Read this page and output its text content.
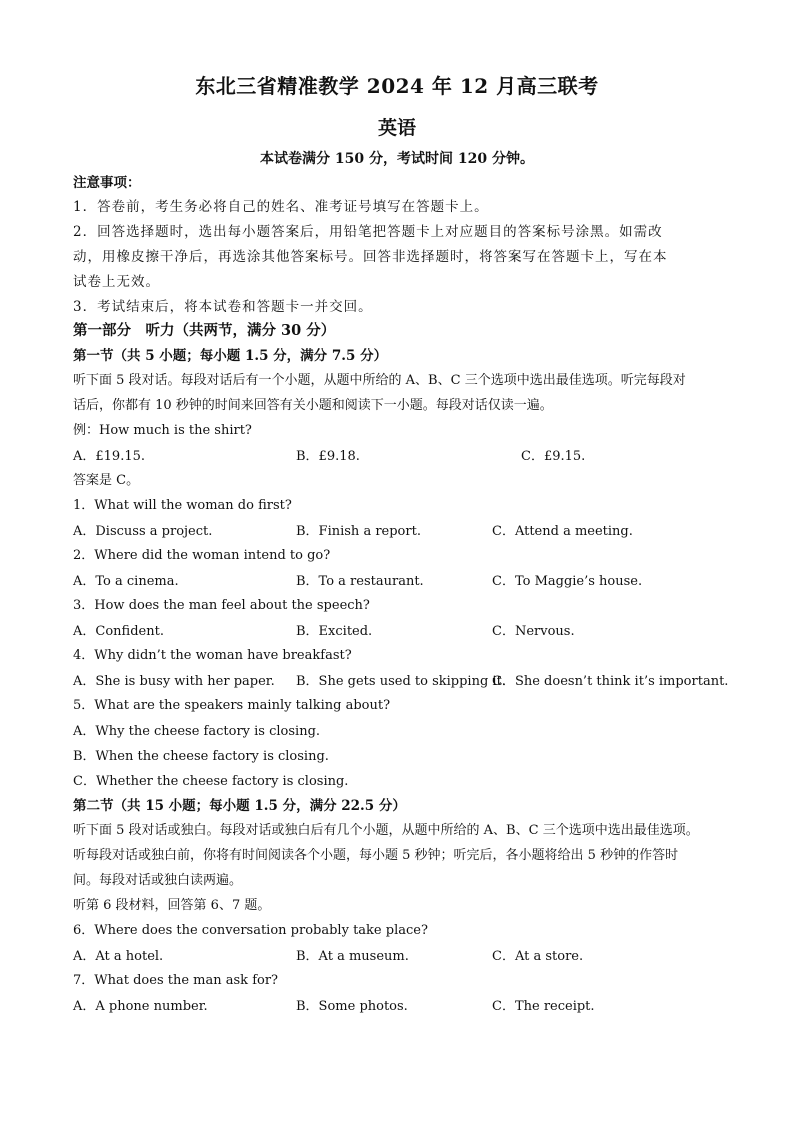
东北三省精准教学 2024 年 12 月高三联考
英语
本试卷满分 150 分，考试时间 120 分钟。
注意事项：
1．答卷前，考生务必将自己的姓名、准考证号填写在答题卡上。
2．回答选择题时，选出每小题答案后，用铅笔把答题卡上对应题目的答案标号涂黑。如需改
动，用橡皮擦干净后，再选涂其他答案标号。回答非选择题时，将答案写在答题卡上，写在本
试卷上无效。
3．考试结束后，将本试卷和答题卡一并交回。
第一部分　听力（共两节，满分 30 分）
第一节（共 5 小题；每小题 1.5 分，满分 7.5 分）
听下面 5 段对话。每段对话后有一个小题，从题中所给的 A、B、C 三个选项中选出最佳选项。听完每段对
话后，你都有 10 秒钟的时间来回答有关小题和阅读下一小题。每段对话仅读一遍。
例：How much is the shirt?
A．£19.15.	B．£9.18.	C．£9.15.
答案是 C。
1．What will the woman do first?
A．Discuss a project.	B．Finish a report.	C．Attend a meeting.
2．Where did the woman intend to go?
A．To a cinema.	B．To a restaurant.	C．To Maggie’s house.
3．How does the man feel about the speech?
A．Confident.	B．Excited.	C．Nervous.
4．Why didn’t the woman have breakfast?
A．She is busy with her paper. B．She gets used to skipping it.
C．She doesn’t think it’s important.
5．What are the speakers mainly talking about?
A．Why the cheese factory is closing.
B．When the cheese factory is closing.
C．Whether the cheese factory is closing.
第二节（共 15 小题；每小题 1.5 分，满分 22.5 分）
听下面 5 段对话或独白。每段对话或独白后有几个小题，从题中所给的 A、B、C 三个选项中选出最佳选项。
听每段对话或独白前，你将有时间阅读各个小题，每小题 5 秒钟；听完后，各小题将给出 5 秒钟的作答时
间。每段对话或独白读两遍。
听第 6 段材料，回答第 6、7 题。
6．Where does the conversation probably take place?
A．At a hotel.	B．At a museum.	C．At a store.
7．What does the man ask for?
A．A phone number.	B．Some photos.	C．The receipt.
